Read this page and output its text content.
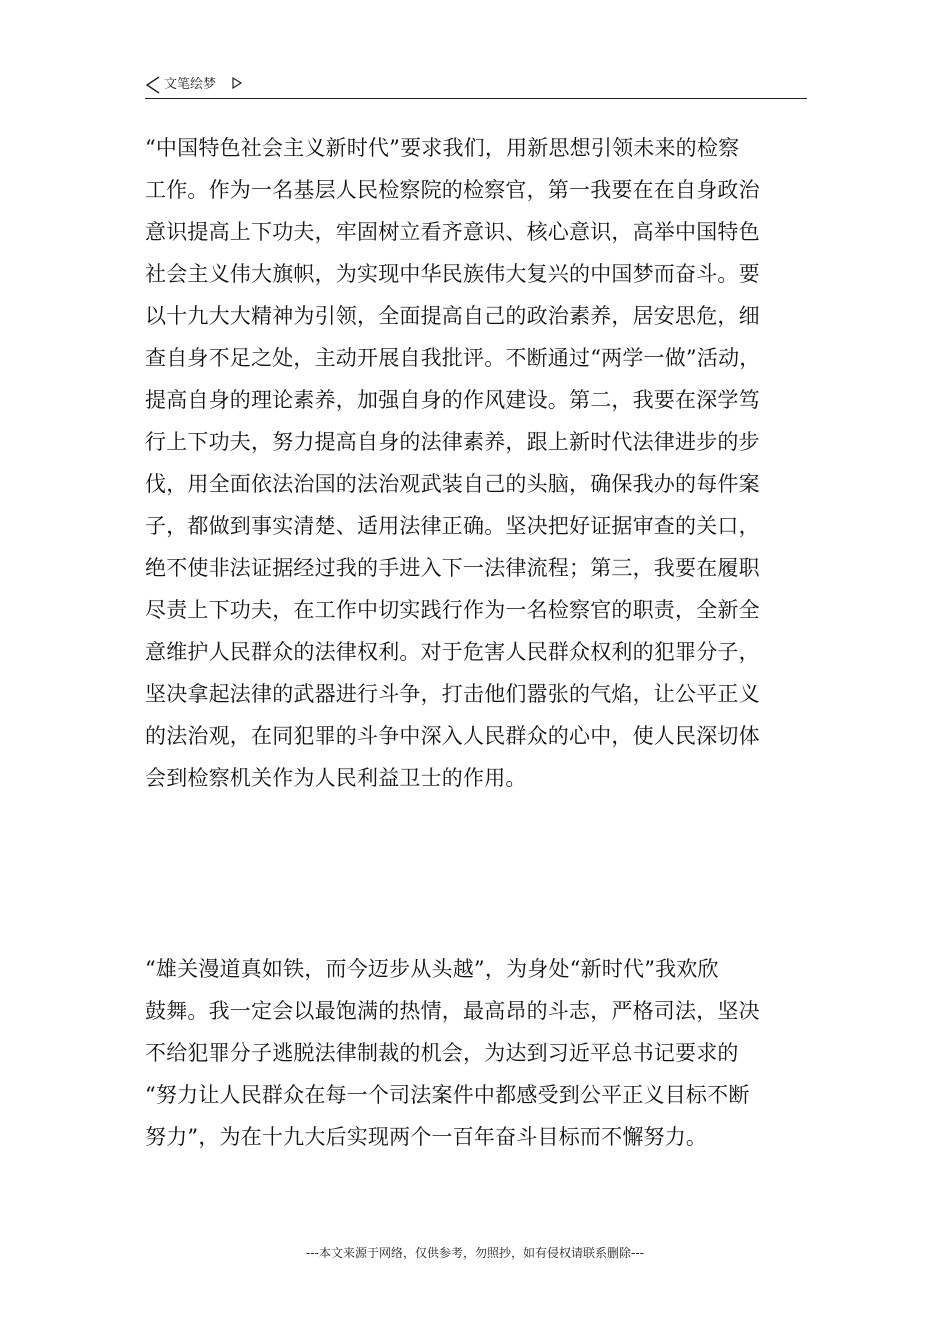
文笔绘梦
“中国特色社会主义新时代”要求我们，用新思想引领未来的检察
工作。作为一名基层人民检察院的检察官，第一我要在在自身政治
意识提高上下功夫，牢固树立看齐意识、核心意识，高举中国特色
社会主义伟大旗帜，为实现中华民族伟大复兴的中国梦而奋斗。要
以十九大大精神为引领，全面提高自己的政治素养，居安思危，细
查自身不足之处，主动开展自我批评。不断通过“两学一做”活动，
提高自身的理论素养，加强自身的作风建设。第二，我要在深学笃
行上下功夫，努力提高自身的法律素养，跟上新时代法律进步的步
伐，用全面依法治国的法治观武装自己的头脑，确保我办的每件案
子，都做到事实清楚、适用法律正确。坚决把好证据审查的关口，
绝不使非法证据经过我的手进入下一法律流程；第三，我要在履职
尽责上下功夫，在工作中切实践行作为一名检察官的职责，全新全
意维护人民群众的法律权利。对于危害人民群众权利的犯罪分子，
坚决拿起法律的武器进行斗争，打击他们嚣张的气焰，让公平正义
的法治观，在同犯罪的斗争中深入人民群众的心中，使人民深切体
会到检察机关作为人民利益卫士的作用。
“雄关漫道真如铁，而今迈步从头越”，为身处“新时代”我欢欣
鼓舞。我一定会以最饱满的热情，最高昂的斗志，严格司法，坚决
不给犯罪分子逃脱法律制裁的机会，为达到习近平总书记要求的
“努力让人民群众在每一个司法案件中都感受到公平正义目标不断
努力”，为在十九大后实现两个一百年奋斗目标而不懈努力。
---本文来源于网络，仅供参考，勿照抄，如有侵权请联系删除---
